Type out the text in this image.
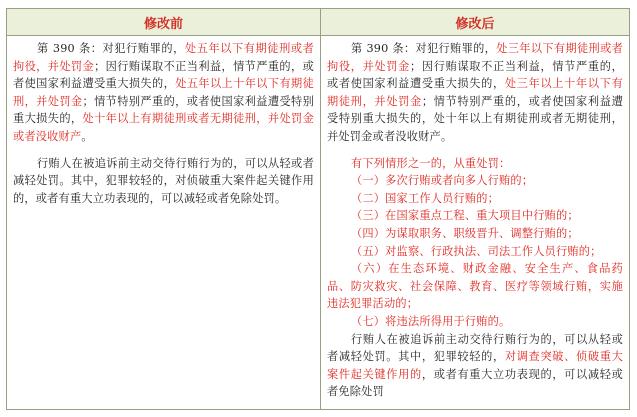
修改前	修改后

第 390 条：对犯行贿罪的，处五年以下有期徒刑或者拘役，并处罚金；因行贿谋取不正当利益，情节严重的，或者使国家利益遭受重大损失的，处五年以上十年以下有期徒刑，并处罚金；情节特别严重的，或者使国家利益遭受特别重大损失的，处十年以上有期徒刑或者无期徒刑，并处罚金或者没收财产。

行贿人在被追诉前主动交待行贿行为的，可以从轻或者减轻处罚。其中，犯罪较轻的，对侦破重大案件起关键作用的，或者有重大立功表现的，可以减轻或者免除处罚。

第 390 条：对犯行贿罪的，处三年以下有期徒刑或者拘役，并处罚金；因行贿谋取不正当利益，情节严重的，或者使国家利益遭受重大损失的，处三年以上十年以下有期徒刑，并处罚金；情节特别严重的，或者使国家利益遭受特别重大损失的，处十年以上有期徒刑或者无期徒刑，并处罚金或者没收财产。

有下列情形之一的，从重处罚：

（一）多次行贿或者向多人行贿的；

（二）国家工作人员行贿的；

（三）在国家重点工程、重大项目中行贿的；

（四）为谋取职务、职级晋升、调整行贿的；

（五）对监察、行政执法、司法工作人员行贿的；

（六）在生态环境、财政金融、安全生产、食品药品、防灾救灾、社会保障、教育、医疗等领域行贿，实施违法犯罪活动的；

（七）将违法所得用于行贿的。

行贿人在被追诉前主动交待行贿行为的，可以从轻或者减轻处罚。其中，犯罪较轻的，对调查突破、侦破重大案件起关键作用的，或者有重大立功表现的，可以减轻或者免除处罚
